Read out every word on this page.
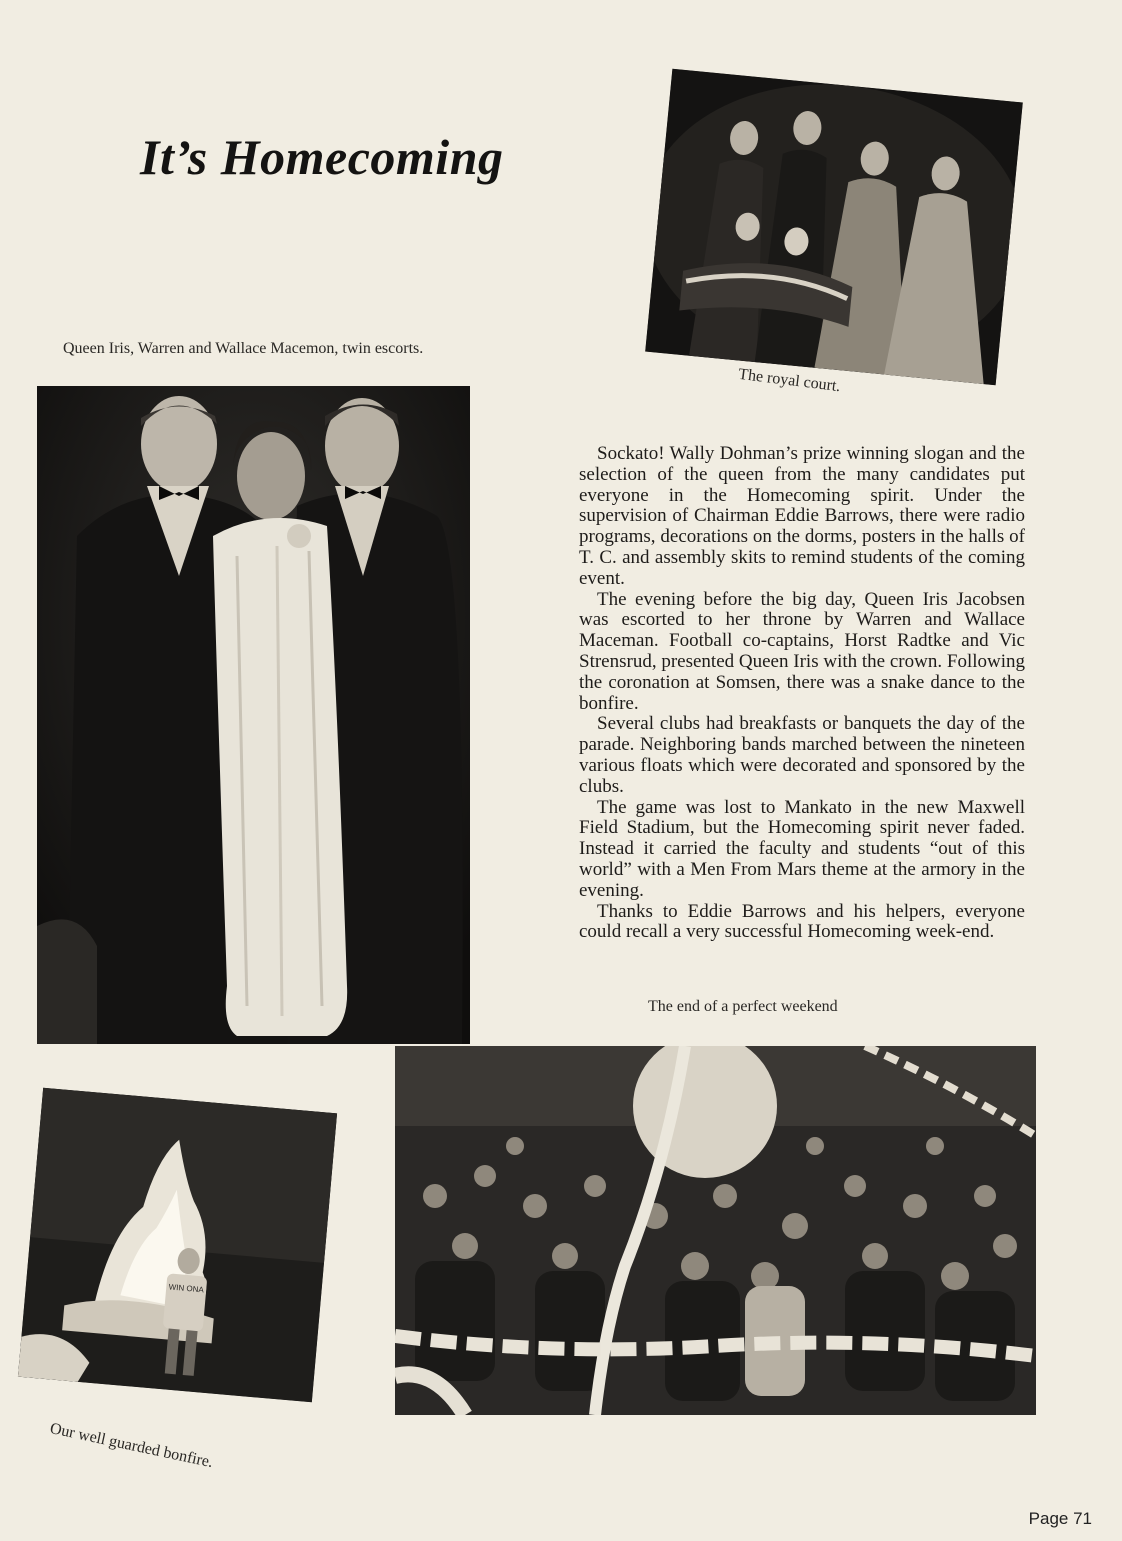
It’s Homecoming
Queen Iris, Warren and Wallace Macemon, twin escorts.
The royal court.

Sockato! Wally Dohman’s prize winning slogan and the selection of the queen from the many candidates put everyone in the Homecoming spirit. Under the supervision of Chairman Eddie Barrows, there were radio programs, decorations on the dorms, posters in the halls of T. C. and assembly skits to remind students of the coming event.

The evening before the big day, Queen Iris Jacobsen was escorted to her throne by Warren and Wallace Maceman. Football co-captains, Horst Radtke and Vic Strensrud, presented Queen Iris with the crown. Following the coronation at Somsen, there was a snake dance to the bonfire.

Several clubs had breakfasts or banquets the day of the parade. Neighboring bands marched between the nineteen various floats which were decorated and sponsored by the clubs.

The game was lost to Mankato in the new Maxwell Field Stadium, but the Homecoming spirit never faded. Instead it carried the faculty and students “out of this world” with a Men From Mars theme at the armory in the evening.

Thanks to Eddie Barrows and his helpers, everyone could recall a very successful Homecoming week-end.

The end of a perfect weekend
WIN ONA
Our well guarded bonfire.
Page 71
